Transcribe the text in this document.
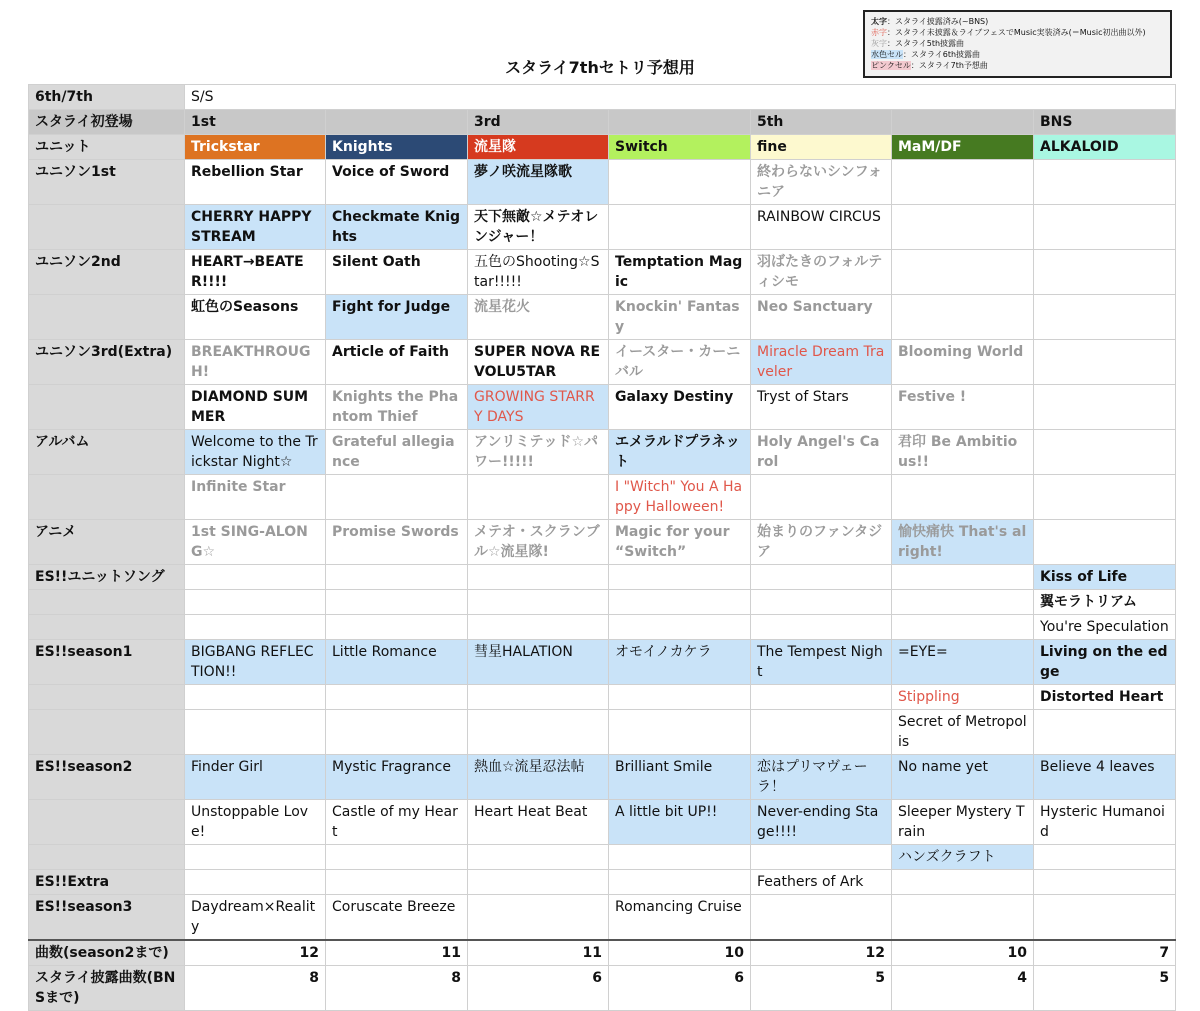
スタライ7thセトリ予想用
太字：スタライ披露済み(~BNS)
赤字：スタライ未披露＆ライブフェスでMusic実装済み(＝Music初出曲以外)
灰字：スタライ5th披露曲
水色セル：スタライ6th披露曲
ピンクセル：スタライ7th予想曲
6th/7th	S/S						
スタライ初登場	1st		3rd		5th		BNS
ユニット	Trickstar	Knights	流星隊	Switch	fine	MaM/DF	ALKALOID
ユニソン1st	Rebellion Star	Voice of Sword	夢ノ咲流星隊歌		終わらないシンフォニア		
	CHERRY HAPPY STREAM	Checkmate Knights	天下無敵☆メテオレンジャー！		RAINBOW CIRCUS		
ユニソン2nd	HEART→BEATER!!!!	Silent Oath	五色のShooting☆Star!!!!!	Temptation Magic	羽ばたきのフォルティシモ		
	虹色のSeasons	Fight for Judge	流星花火	Knockin' Fantasy	Neo Sanctuary		
ユニソン3rd(Extra)	BREAKTHROUGH!	Article of Faith	SUPER NOVA REVOLU5TAR	イースター・カーニバル	Miracle Dream Traveler	Blooming World	
	DIAMOND SUMMER	Knights the Phantom Thief	GROWING STARRY DAYS	Galaxy Destiny	Tryst of Stars	Festive !	
アルバム	Welcome to the Trickstar Night☆	Grateful allegiance	アンリミテッド☆パワー!!!!!	エメラルドプラネット	Holy Angel's Carol	君印 Be Ambitious!!	
	Infinite Star			I "Witch" You A Happy Halloween!			
アニメ	1st SING-ALONG☆	Promise Swords	メテオ・スクランブル☆流星隊!	Magic for your “Switch”	始まりのファンタジア	愉快痛快 That's alright!	
ES!!ユニットソング							Kiss of Life
							翼モラトリアム
							You're Speculation
ES!!season1	BIGBANG REFLECTION!!	Little Romance	彗星HALATION	オモイノカケラ	The Tempest Night	=EYE=	Living on the edge
						Stippling	Distorted Heart
						Secret of Metropolis	
ES!!season2	Finder Girl	Mystic Fragrance	熱血☆流星忍法帖	Brilliant Smile	恋はプリマヴェーラ！	No name yet	Believe 4 leaves
	Unstoppable Love!	Castle of my Heart	Heart Heat Beat	A little bit UP!!	Never-ending Stage!!!!	Sleeper Mystery Train	Hysteric Humanoid
						ハンズクラフト	
ES!!Extra					Feathers of Ark		
ES!!season3	Daydream×Reality	Coruscate Breeze		Romancing Cruise			
曲数(season2まで)	12	11	11	10	12	10	7
スタライ披露曲数(BNSまで)	8	8	6	6	5	4	5
